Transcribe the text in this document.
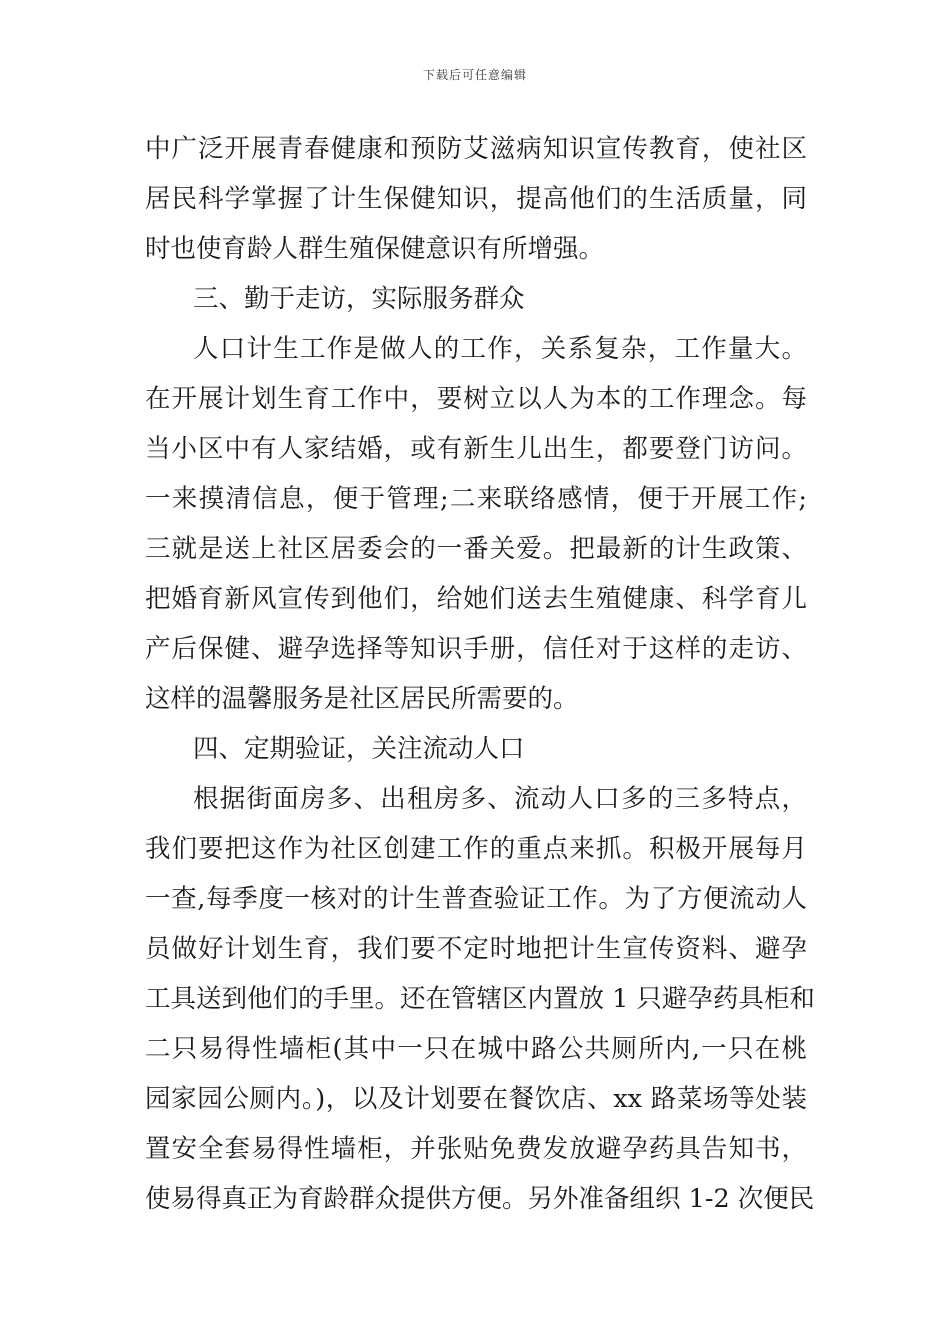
下载后可任意编辑
中广泛开展青春健康和预防艾滋病知识宣传教育，使社区
居民科学掌握了计生保健知识，提高他们的生活质量，同
时也使育龄人群生殖保健意识有所增强。
三、勤于走访，实际服务群众
人口计生工作是做人的工作，关系复杂，工作量大。
在开展计划生育工作中，要树立以人为本的工作理念。每
当小区中有人家结婚，或有新生儿出生，都要登门访问。
一来摸清信息，便于管理;二来联络感情，便于开展工作;
三就是送上社区居委会的一番关爱。把最新的计生政策、
把婚育新风宣传到他们，给她们送去生殖健康、科学育儿
产后保健、避孕选择等知识手册，信任对于这样的走访、
这样的温馨服务是社区居民所需要的。
四、定期验证，关注流动人口
根据街面房多、出租房多、流动人口多的三多特点，
我们要把这作为社区创建工作的重点来抓。积极开展每月
一查,每季度一核对的计生普查验证工作。为了方便流动人
员做好计划生育，我们要不定时地把计生宣传资料、避孕
工具送到他们的手里。还在管辖区内置放 1 只避孕药具柜和
二只易得性墙柜(其中一只在城中路公共厕所内,一只在桃
园家园公厕内。)，以及计划要在餐饮店、xx 路菜场等处装
置安全套易得性墙柜，并张贴免费发放避孕药具告知书，
使易得真正为育龄群众提供方便。另外准备组织 1-2 次便民
